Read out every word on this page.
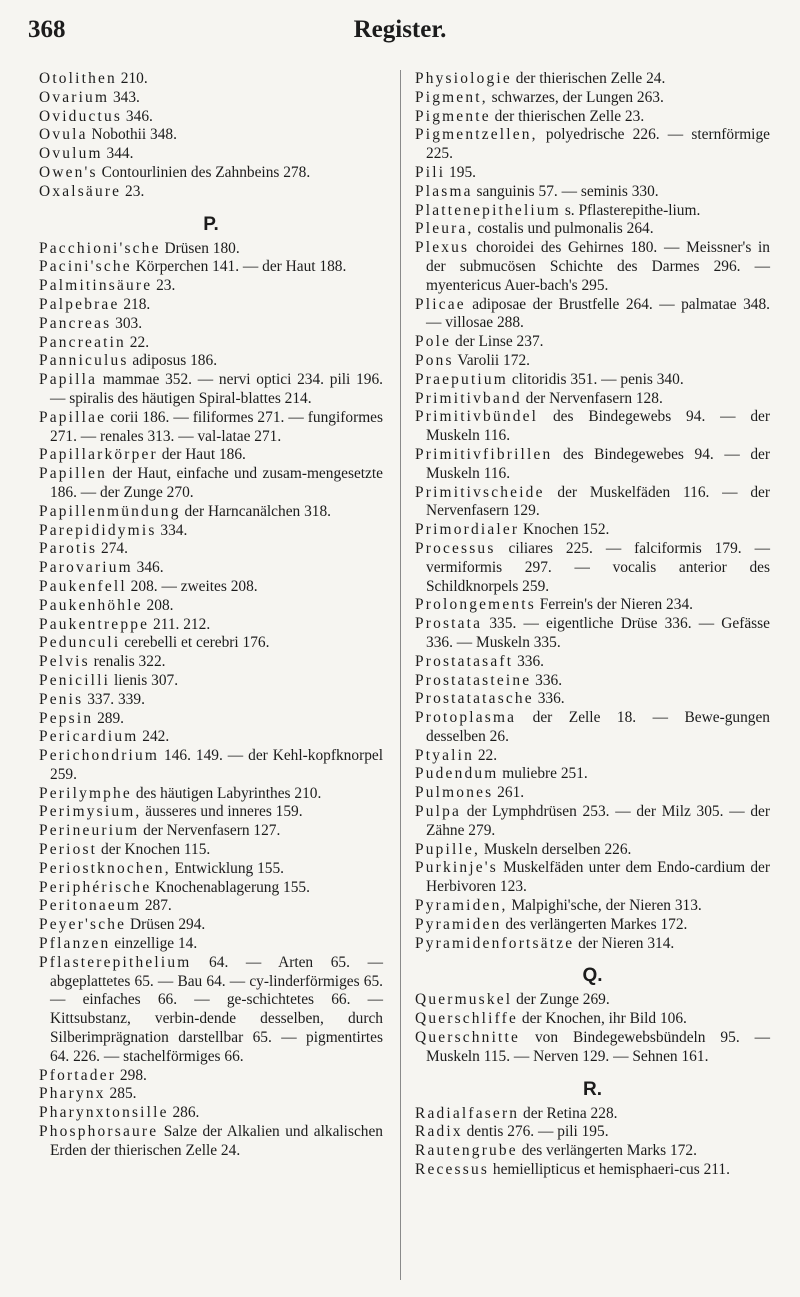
368	Register.
Otolithen 210.
Ovarium 343.
Oviductus 346.
Ovula Nobothii 348.
Ovulum 344.
Owen's Contourlinien des Zahnbeins 278.
Oxalsäure 23.
P.
Pacchioni'sche Drüsen 180.
Pacini'sche Körperchen 141. — der Haut 188.
Palmitinsäure 23.
Palpebrae 218.
Pancreas 303.
Pancreatin 22.
Panniculus adiposus 186.
Papilla mammae 352. — nervi optici 234. pili 196. — spiralis des häutigen Spiral-blattes 214.
Papillae corii 186. — filiformes 271. — fungiformes 271. — renales 313. — val-latae 271.
Papillarkörper der Haut 186.
Papillen der Haut, einfache und zusam-mengesetzte 186. — der Zunge 270.
Papillenmündung der Harncanälchen 318.
Parepididymis 334.
Parotis 274.
Parovarium 346.
Paukenfell 208. — zweites 208.
Paukenhöhle 208.
Paukentreppe 211. 212.
Pedunculi cerebelli et cerebri 176.
Pelvis renalis 322.
Penicilli lienis 307.
Penis 337. 339.
Pepsin 289.
Pericardium 242.
Perichondrium 146. 149. — der Kehl-kopfknorpel 259.
Perilymphe des häutigen Labyrinthes 210.
Perimysium, äusseres und inneres 159.
Perineurium der Nervenfasern 127.
Periost der Knochen 115.
Periostknochen, Entwicklung 155.
Periphérische Knochenablagerung 155.
Peritonaeum 287.
Peyer'sche Drüsen 294.
Pflanzen einzellige 14.
Pflasterepithelium 64. — Arten 65. — abgeplattetes 65. — Bau 64. — cy-linderförmiges 65. — einfaches 66. — ge-schichtetes 66. — Kittsubstanz, verbin-dende desselben, durch Silberimprägnation darstellbar 65. — pigmentirtes 64. 226. — stachelförmiges 66.
Pfortader 298.
Pharynx 285.
Pharynxtonsille 286.
Phosphorsaure Salze der Alkalien und alkalischen Erden der thierischen Zelle 24.
Physiologie der thierischen Zelle 24.
Pigment, schwarzes, der Lungen 263.
Pigmente der thierischen Zelle 23.
Pigmentzellen, polyedrische 226. — sternförmige 225.
Pili 195.
Plasma sanguinis 57. — seminis 330.
Plattenepithelium s. Pflasterepithe-lium.
Pleura, costalis und pulmonalis 264.
Plexus choroidei des Gehirnes 180. — Meissner's in der submucösen Schichte des Darmes 296. — myentericus Auer-bach's 295.
Plicae adiposae der Brustfelle 264. — palmatae 348. — villosae 288.
Pole der Linse 237.
Pons Varolii 172.
Praeputium clitoridis 351. — penis 340.
Primitivband der Nervenfasern 128.
Primitivbündel des Bindegewebs 94. — der Muskeln 116.
Primitivfibrillen des Bindegewebes 94. — der Muskeln 116.
Primitivscheide der Muskelfäden 116. — der Nervenfasern 129.
Primordialer Knochen 152.
Processus ciliares 225. — falciformis 179. — vermiformis 297. — vocalis anterior des Schildknorpels 259.
Prolongements Ferrein's der Nieren 234.
Prostata 335. — eigentliche Drüse 336. — Gefässe 336. — Muskeln 335.
Prostatasaft 336.
Prostatasteine 336.
Prostatatasche 336.
Protoplasma der Zelle 18. — Bewe-gungen desselben 26.
Ptyalin 22.
Pudendum muliebre 251.
Pulmones 261.
Pulpa der Lymphdrüsen 253. — der Milz 305. — der Zähne 279.
Pupille, Muskeln derselben 226.
Purkinje's Muskelfäden unter dem Endo-cardium der Herbivoren 123.
Pyramiden, Malpighi'sche, der Nieren 313.
Pyramiden des verlängerten Markes 172.
Pyramidenfortsätze der Nieren 314.
Q.
Quermuskel der Zunge 269.
Querschliffe der Knochen, ihr Bild 106.
Querschnitte von Bindegewebsbündeln 95. — Muskeln 115. — Nerven 129. — Sehnen 161.
R.
Radialfasern der Retina 228.
Radix dentis 276. — pili 195.
Rautengrube des verlängerten Marks 172.
Recessus hemiellipticus et hemisphaeri-cus 211.
